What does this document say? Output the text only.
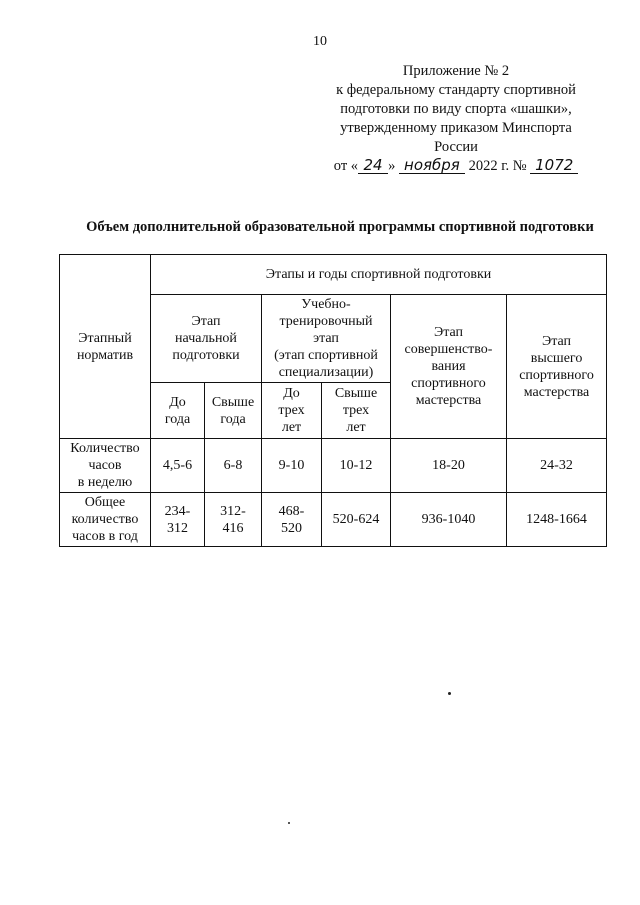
10
Приложение № 2
к федеральному стандарту спортивной
подготовки по виду спорта «шашки»,
утвержденному приказом Минспорта
России
от « 24 » ноября 2022 г. № 1072
Объем дополнительной образовательной программы спортивной подготовки
Этапный норматив	Этапы и годы спортивной подготовки					

	Этап
начальной
подготовки		Учебно-
тренировочный
этап
(этап спортивной
специализации)		Этап
совершенство-
вания
спортивного
мастерства	Этап
высшего
спортивного
мастерства

	До
года	Свыше
года	До
трех
лет	Свыше
трех
лет		

Количество
часов
в неделю	4,5-6	6-8	9-10	10-12	18-20	24-32

Общее
количество
часов в год	234-
312	312-
416	468-
520	520-624	936-1040	1248-1664
